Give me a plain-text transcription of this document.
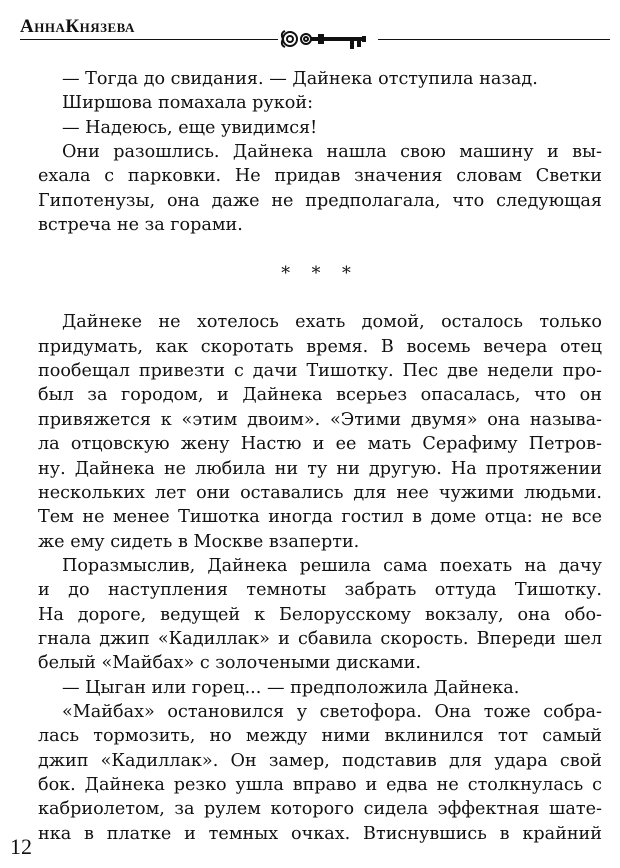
АннаКнязева
— Тогда до свидания. — Дайнека отступила назад.
Ширшова помахала рукой:
— Надеюсь, еще увидимся!
Они разошлись. Дайнека нашла свою машину и вы-
ехала с парковки. Не придав значения словам Светки
Гипотенузы, она даже не предполагала, что следующая
встреча не за горами.
* * *
Дайнеке не хотелось ехать домой, осталось только
придумать, как скоротать время. В восемь вечера отец
пообещал привезти с дачи Тишотку. Пес две недели про-
был за городом, и Дайнека всерьез опасалась, что он
привяжется к «этим двоим». «Этими двумя» она называ-
ла отцовскую жену Настю и ее мать Серафиму Петров-
ну. Дайнека не любила ни ту ни другую. На протяжении
нескольких лет они оставались для нее чужими людьми.
Тем не менее Тишотка иногда гостил в доме отца: не все
же ему сидеть в Москве взаперти.
Поразмыслив, Дайнека решила сама поехать на дачу
и до наступления темноты забрать оттуда Тишотку.
На дороге, ведущей к Белорусскому вокзалу, она обо-
гнала джип «Кадиллак» и сбавила скорость. Впереди шел
белый «Майбах» с золочеными дисками.
— Цыган или горец... — предположила Дайнека.
«Майбах» остановился у светофора. Она тоже собра-
лась тормозить, но между ними вклинился тот самый
джип «Кадиллак». Он замер, подставив для удара свой
бок. Дайнека резко ушла вправо и едва не столкнулась с
кабриолетом, за рулем которого сидела эффектная шате-
нка в платке и темных очках. Втиснувшись в крайний
12
